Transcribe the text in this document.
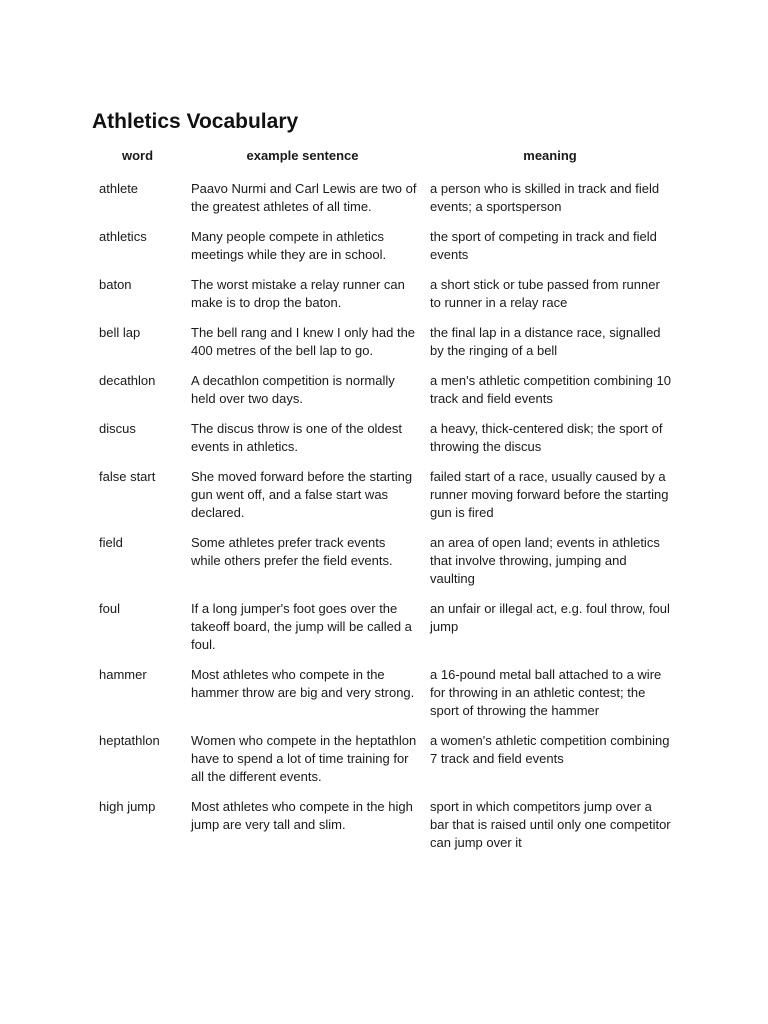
Athletics Vocabulary
word	example sentence	meaning
athlete	Paavo Nurmi and Carl Lewis are two of the greatest athletes of all time.	a person who is skilled in track and field events; a sportsperson
athletics	Many people compete in athletics meetings while they are in school.	the sport of competing in track and field events
baton	The worst mistake a relay runner can make is to drop the baton.	a short stick or tube passed from runner to runner in a relay race
bell lap	The bell rang and I knew I only had the 400 metres of the bell lap to go.	the final lap in a distance race, signalled by the ringing of a bell
decathlon	A decathlon competition is normally held over two days.	a men's athletic competition combining 10 track and field events
discus	The discus throw is one of the oldest events in athletics.	a heavy, thick-centered disk; the sport of throwing the discus
false start	She moved forward before the starting gun went off, and a false start was declared.	failed start of a race, usually caused by a runner moving forward before the starting gun is fired
field	Some athletes prefer track events while others prefer the field events.	an area of open land; events in athletics that involve throwing, jumping and vaulting
foul	If a long jumper's foot goes over the takeoff board, the jump will be called a foul.	an unfair or illegal act, e.g. foul throw, foul jump
hammer	Most athletes who compete in the hammer throw are big and very strong.	a 16-pound metal ball attached to a wire for throwing in an athletic contest; the sport of throwing the hammer
heptathlon	Women who compete in the heptathlon have to spend a lot of time training for all the different events.	a women's athletic competition combining 7 track and field events
high jump	Most athletes who compete in the high jump are very tall and slim.	sport in which competitors jump over a bar that is raised until only one competitor can jump over it
